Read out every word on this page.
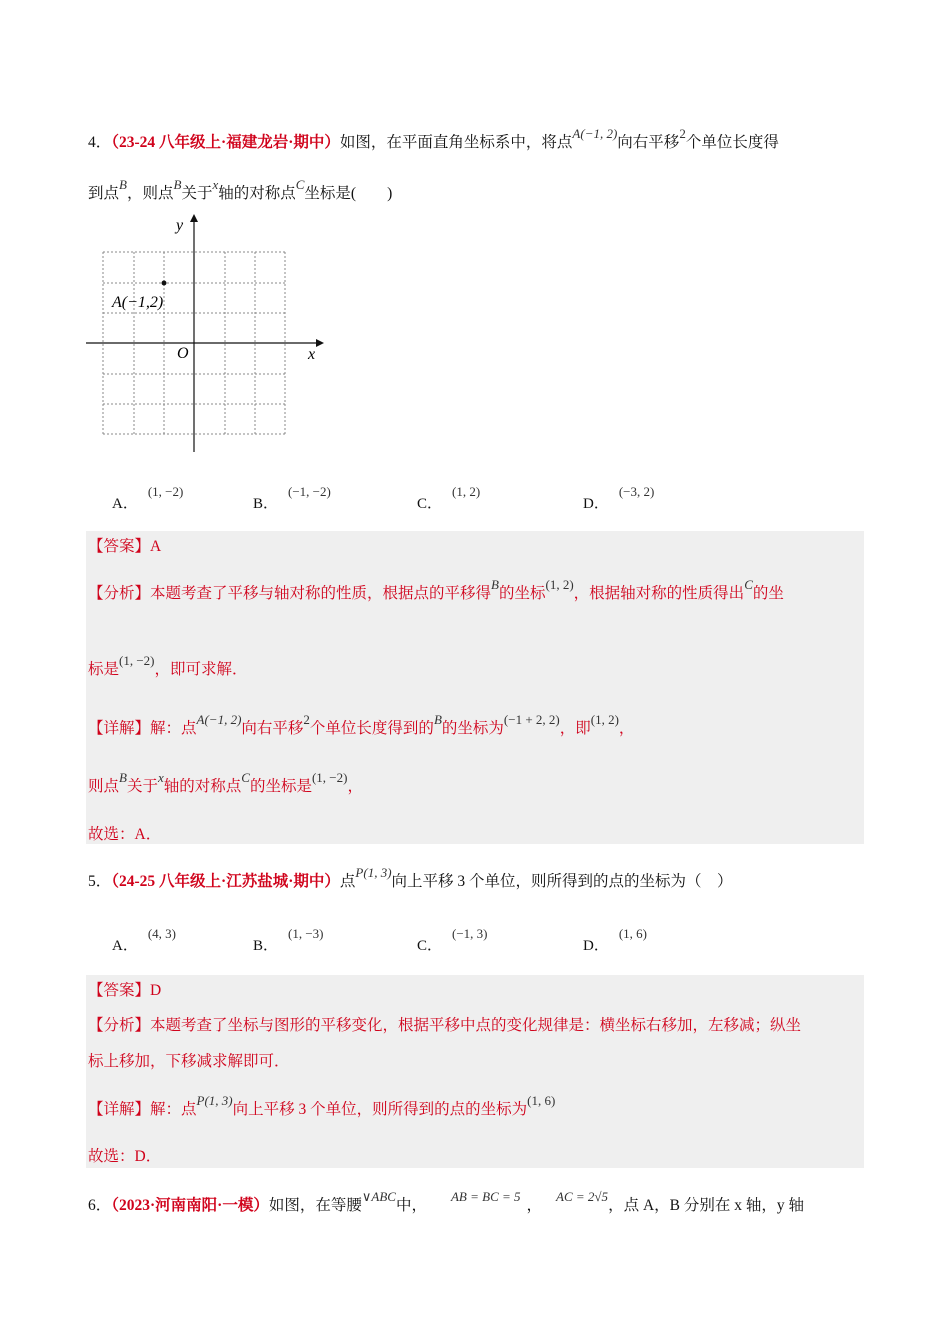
4．（23-24 八年级上·福建龙岩·期中）如图，在平面直角坐标系中，将点$^{A(-1, 2)}$向右平移$^2$个单位长度得
到点$^B$，则点$^B$关于$^x$轴的对称点$^C$坐标是(　　)
y
x
O
A(−1,2)
A．(1, −2)
B．(−1, −2)
C．(1, 2)
D．(−3, 2)
【答案】A
【分析】本题考查了平移与轴对称的性质，根据点的平移得$^B$的坐标$^{(1, 2)}$，根据轴对称的性质得出$^C$的坐
标是$^{(1, -2)}$，即可求解．
【详解】解：点$^{A(-1, 2)}$向右平移$^2$个单位长度得到的$^B$的坐标为$^{(-1 + 2, 2)}$，即$^{(1, 2)}$，
则点$^B$关于$^x$轴的对称点$^C$的坐标是$^{(1, -2)}$，
故选：A．
5．（24-25 八年级上·江苏盐城·期中）点$^{P(1, 3)}$向上平移 3 个单位，则所得到的点的坐标为（　）
A．(4, 3)
B．(1, −3)
C．(−1, 3)
D．(1, 6)
【答案】D
【分析】本题考查了坐标与图形的平移变化，根据平移中点的变化规律是：横坐标右移加，左移减；纵坐
标上移加，下移减求解即可．
【详解】解：点$^{P(1, 3)}$向上平移 3 个单位，则所得到的点的坐标为$^{(1, 6)}$
故选：D．
6．（2023·河南南阳·一模）如图，在等腰$^{\vee ABC}$中，$^{AB = BC = 5}$，$^{AC = 2√5}$，点 A，B 分别在 x 轴，y 轴
